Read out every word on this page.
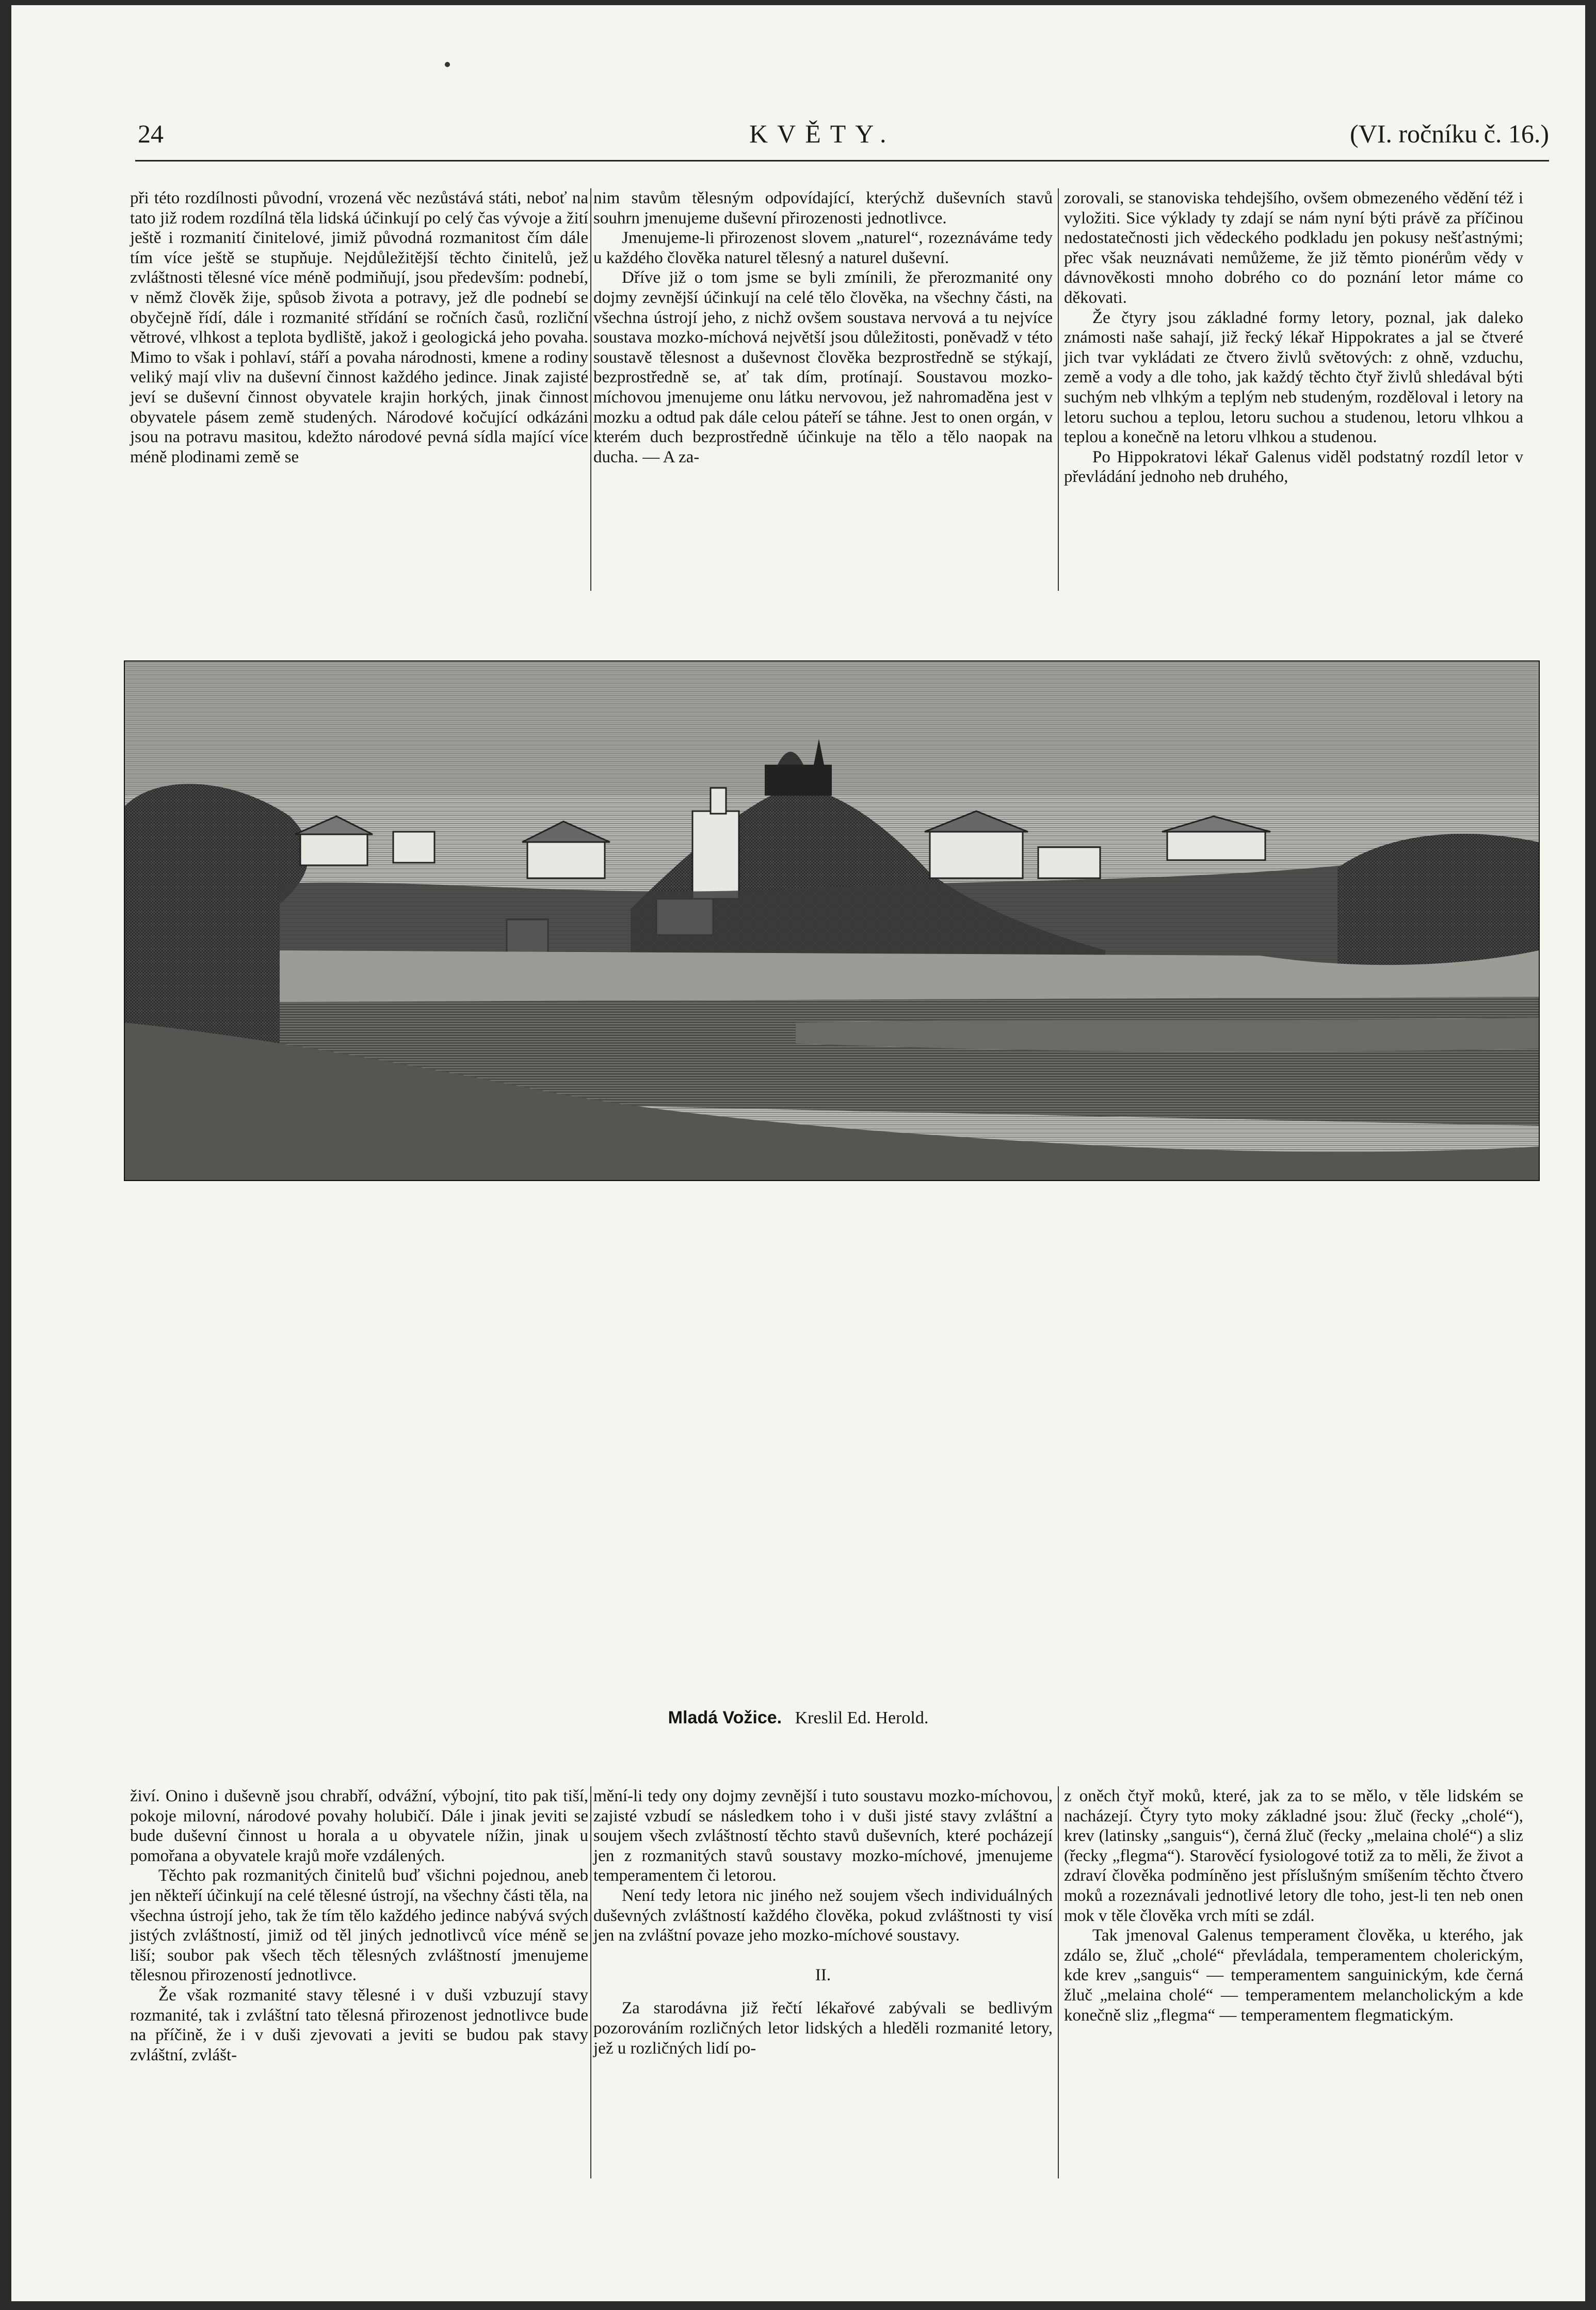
24	KVĚTY.	(VI. ročníku č. 16.)

při této rozdílnosti původní, vrozená věc nezůstává státi, neboť na tato již rodem rozdílná těla lidská účinkují po celý čas vývoje a žití ještě i rozmanití činitelové, jimiž původná rozmanitost čím dále tím více ještě se stupňuje. Nejdůležitější těchto činitelů, jež zvláštnosti tělesné více méně podmiňují, jsou především: podnebí, v němž člověk žije, spůsob života a potravy, jež dle podnebí se obyčejně řídí, dále i rozmanité střídání se ročních časů, rozliční větrové, vlhkost a teplota bydliště, jakož i geologická jeho povaha. Mimo to však i pohlaví, stáří a povaha národnosti, kmene a rodiny veliký mají vliv na duševní činnost každého jedince. Jinak zajisté jeví se duševní činnost obyvatele krajin horkých, jinak činnost obyvatele pásem země studených. Národové kočující odkázáni jsou na potravu masitou, kdežto národové pevná sídla mající více méně plodinami země se

nim stavům tělesným odpovídající, kterýchž duševních stavů souhrn jmenujeme duševní přirozenosti jednotlivce.

Jmenujeme-li přirozenost slovem „naturel“, rozeznáváme tedy u každého člověka naturel tělesný a naturel duševní.

Dříve již o tom jsme se byli zmínili, že přerozmanité ony dojmy zevnější účinkují na celé tělo člověka, na všechny části, na všechna ústrojí jeho, z nichž ovšem soustava nervová a tu nejvíce soustava mozko-míchová největší jsou důležitosti, poněvadž v této soustavě tělesnost a duševnost člověka bezprostředně se stýkají, bezprostředně se, ať tak dím, protínají. Soustavou mozko-míchovou jmenujeme onu látku nervovou, jež nahromaděna jest v mozku a odtud pak dále celou páteří se táhne. Jest to onen orgán, v kterém duch bezprostředně účinkuje na tělo a tělo naopak na ducha. — A za-

zorovali, se stanoviska tehdejšího, ovšem obmezeného vědění též i vyložiti. Sice výklady ty zdají se nám nyní býti právě za příčinou nedostatečnosti jich vědeckého podkladu jen pokusy nešťastnými; přec však neuznávati nemůžeme, že již těmto pionérům vědy v dávnověkosti mnoho dobrého co do poznání letor máme co děkovati.

Že čtyry jsou základné formy letory, poznal, jak daleko známosti naše sahají, již řecký lékař Hippokrates a jal se čtveré jich tvar vykládati ze čtvero živlů světových: z ohně, vzduchu, země a vody a dle toho, jak každý těchto čtyř živlů shledával býti suchým neb vlhkým a teplým neb studeným, rozděloval i letory na letoru suchou a teplou, letoru suchou a studenou, letoru vlhkou a teplou a konečně na letoru vlhkou a studenou.

Po Hippokratovi lékař Galenus viděl podstatný rozdíl letor v převládání jednoho neb druhého,

Mladá Vožice. Kreslil Ed. Herold.

živí. Onino i duševně jsou chrabří, odvážní, výbojní, tito pak tiší, pokoje milovní, národové povahy holubičí. Dále i jinak jeviti se bude duševní činnost u horala a u obyvatele nížin, jinak u pomořana a obyvatele krajů moře vzdálených.

Těchto pak rozmanitých činitelů buď všichni pojednou, aneb jen někteří účinkují na celé tělesné ústrojí, na všechny části těla, na všechna ústrojí jeho, tak že tím tělo každého jedince nabývá svých jistých zvláštností, jimiž od těl jiných jednotlivců více méně se liší; soubor pak všech těch tělesných zvláštností jmenujeme tělesnou přirozeností jednotlivce.

Že však rozmanité stavy tělesné i v duši vzbuzují stavy rozmanité, tak i zvláštní tato tělesná přirozenost jednotlivce bude na příčině, že i v duši zjevovati a jeviti se budou pak stavy zvláštní, zvlášt-

mění-li tedy ony dojmy zevnější i tuto soustavu mozko-míchovou, zajisté vzbudí se následkem toho i v duši jisté stavy zvláštní a soujem všech zvláštností těchto stavů duševních, které pocházejí jen z rozmanitých stavů soustavy mozko-míchové, jmenujeme temperamentem či letorou.

Není tedy letora nic jiného než soujem všech individuálných duševných zvláštností každého člověka, pokud zvláštnosti ty visí jen na zvláštní povaze jeho mozko-míchové soustavy.

II.

Za starodávna již řečtí lékařové zabývali se bedlivým pozorováním rozličných letor lidských a hleděli rozmanité letory, jež u rozličných lidí po-

z oněch čtyř moků, které, jak za to se mělo, v těle lidském se nacházejí. Čtyry tyto moky základné jsou: žluč (řecky „cholé“), krev (latinsky „sanguis“), černá žluč (řecky „melaina cholé“) a sliz (řecky „flegma“). Starověcí fysiologové totiž za to měli, že život a zdraví člověka podmíněno jest příslušným smíšením těchto čtvero moků a rozeznávali jednotlivé letory dle toho, jest-li ten neb onen mok v těle člověka vrch míti se zdál.

Tak jmenoval Galenus temperament člověka, u kterého, jak zdálo se, žluč „cholé“ převládala, temperamentem cholerickým, kde krev „sanguis“ — temperamentem sanguinickým, kde černá žluč „melaina cholé“ — temperamentem melancholickým a kde konečně sliz „flegma“ — temperamentem flegmatickým.
